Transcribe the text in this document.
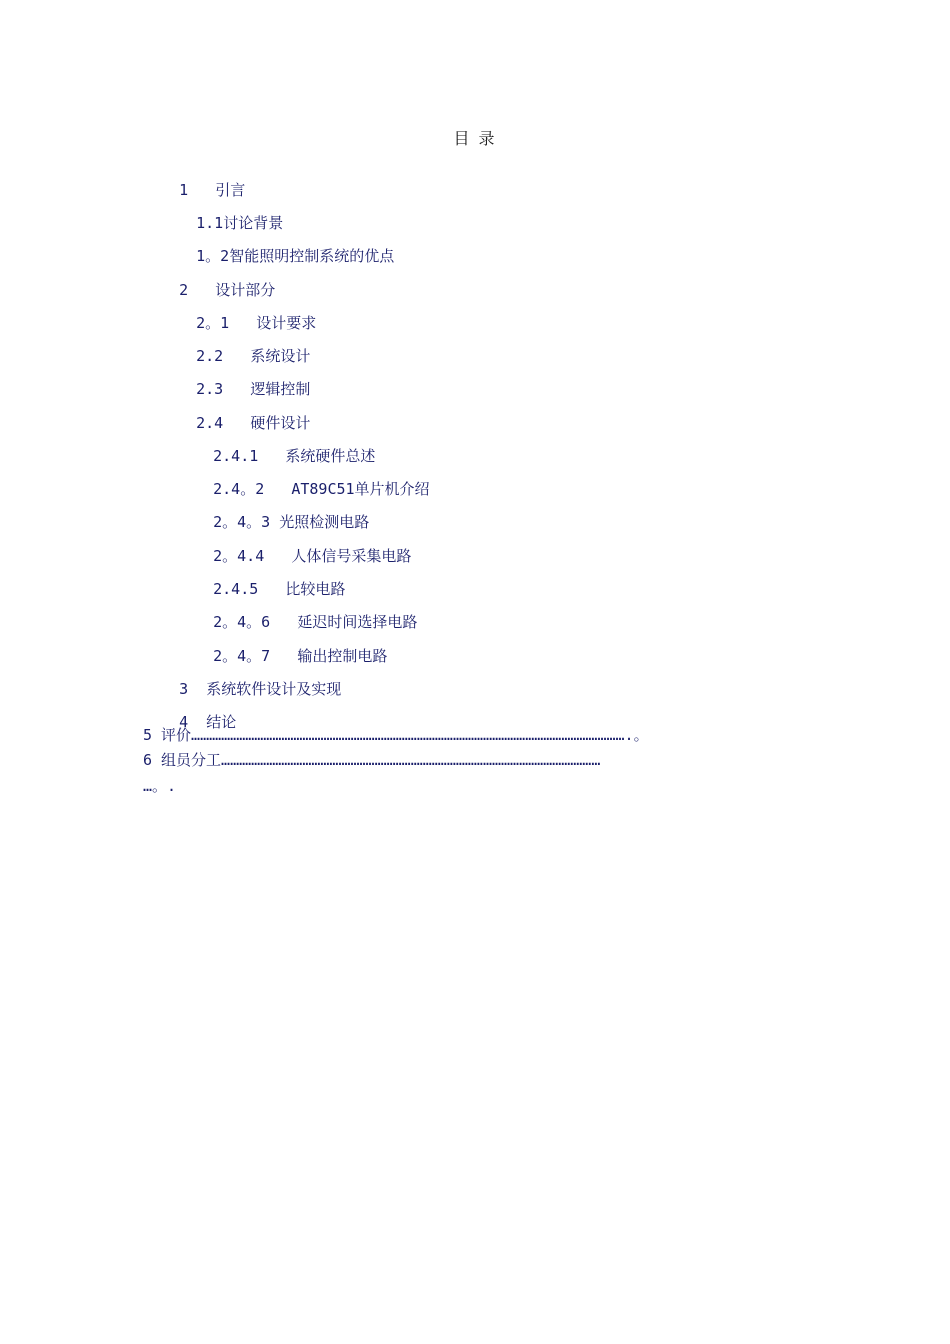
目 录

1 引言

1.1讨论背景

1。2智能照明控制系统的优点

2 设计部分

2。1 设计要求

2.2 系统设计

2.3 逻辑控制

2.4 硬件设计

2.4.1 系统硬件总述

2.4。2 AT89C51单片机介绍

2。4。3 光照检测电路

2。4.4 人体信号采集电路

2.4.5 比较电路

2。4。6 延迟时间选择电路

2。4。7 输出控制电路

3 系统软件设计及实现

4 结论

5 评价……………………………………………………………………………………………………………………………….。
6 组员分工………………………………………………………………………………………………………………
…。.
